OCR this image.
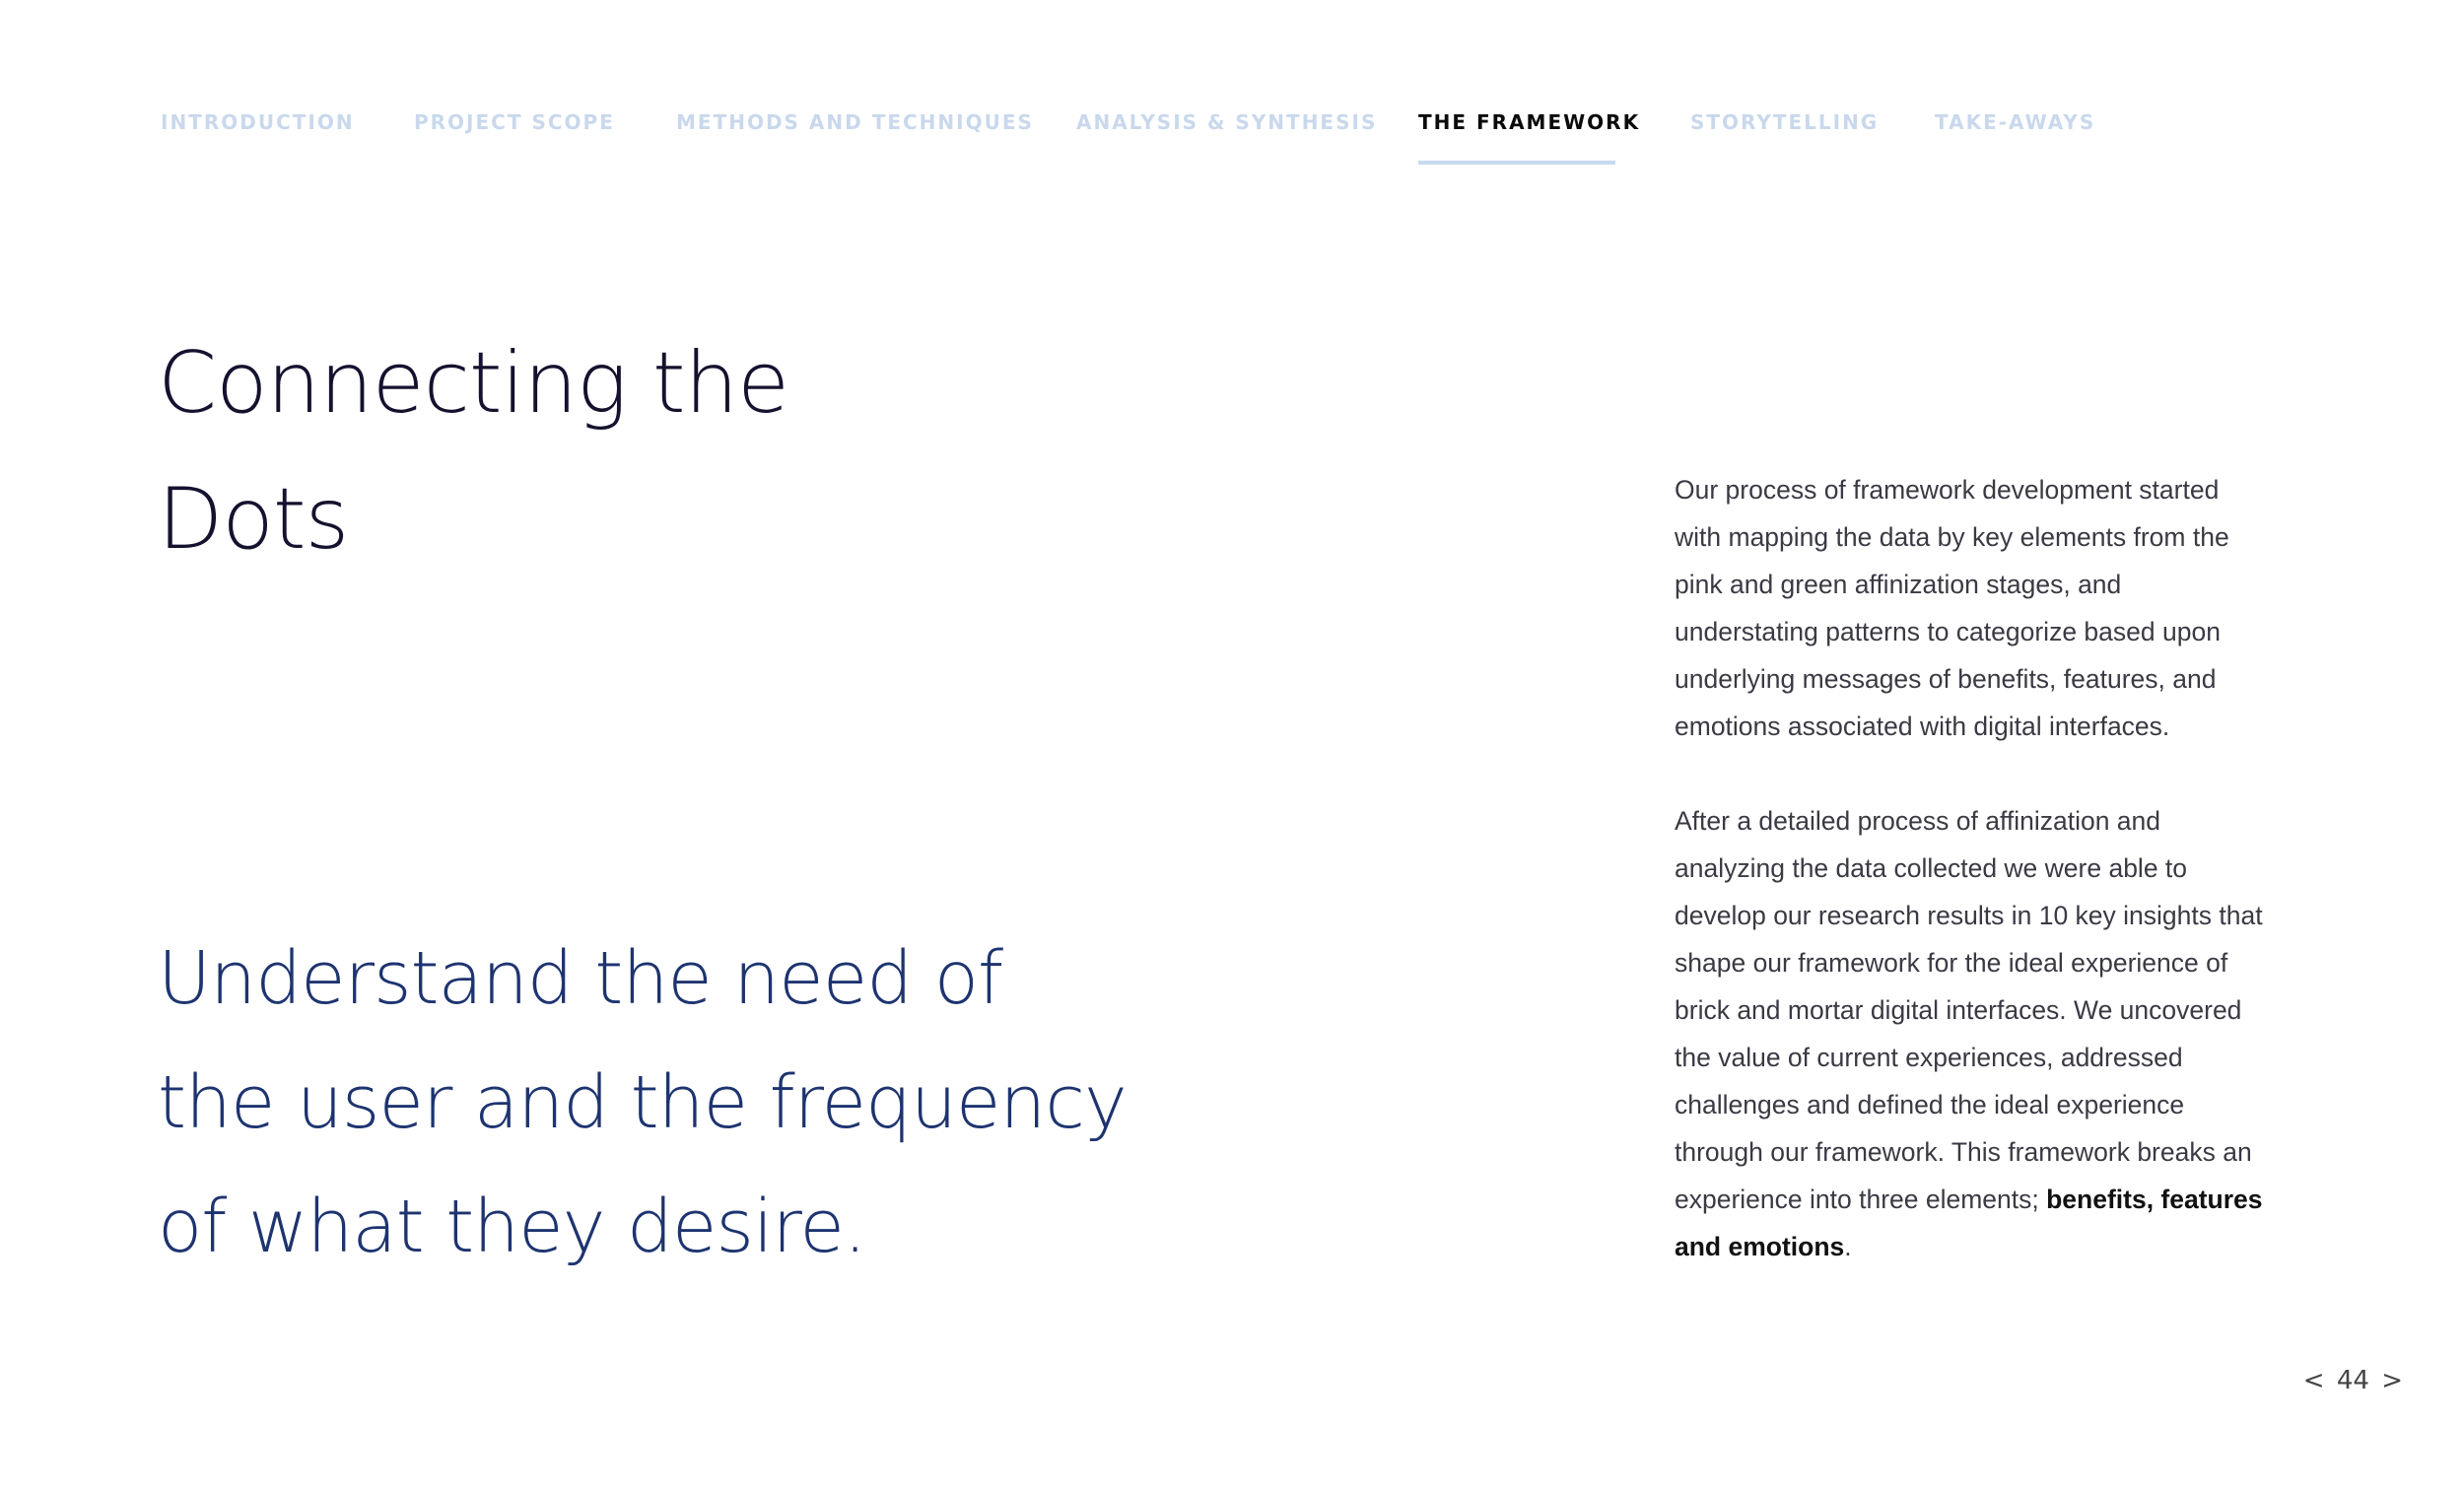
INTRODUCTION	PROJECT SCOPE	METHODS AND TECHNIQUES ANALYSIS & SYNTHESIS THE FRAMEWORK	STORYTELLING	TAKE-AWAYS
Connecting the
Dots
Understand the need of
the user and the frequency
of what they desire.

Our process of framework development started with mapping the data by key elements from the pink and green affinization stages, and understating patterns to categorize based upon underlying messages of benefits, features, and emotions associated with digital interfaces.

After a detailed process of affinization and analyzing the data collected we were able to develop our research results in 10 key insights that shape our framework for the ideal experience of brick and mortar digital interfaces. We uncovered the value of current experiences, addressed challenges and defined the ideal experience through our framework. This framework breaks an experience into three elements; benefits, features and emotions.

< 44 >
